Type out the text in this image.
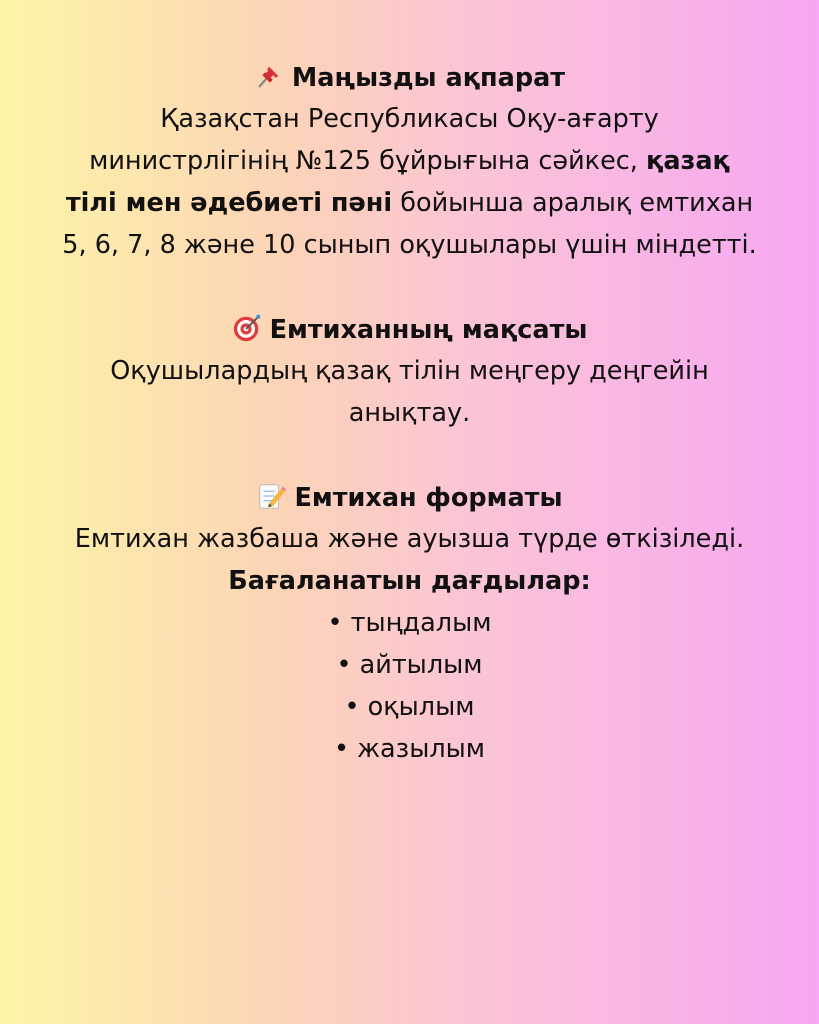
Маңызды ақпарат
Қазақстан Республикасы Оқу-ағарту министрлігінің №125 бұйрығына сәйкес, қазақ тілі мен әдебиеті пәні бойынша аралық емтихан 5, 6, 7, 8 және 10 сынып оқушылары үшін міндетті.
Емтиханның мақсаты
Оқушылардың қазақ тілін меңгеру деңгейін анықтау.
Емтихан форматы
Емтихан жазбаша және ауызша түрде өткізіледі.
Бағаланатын дағдылар:
• тыңдалым
• айтылым
• оқылым
• жазылым
